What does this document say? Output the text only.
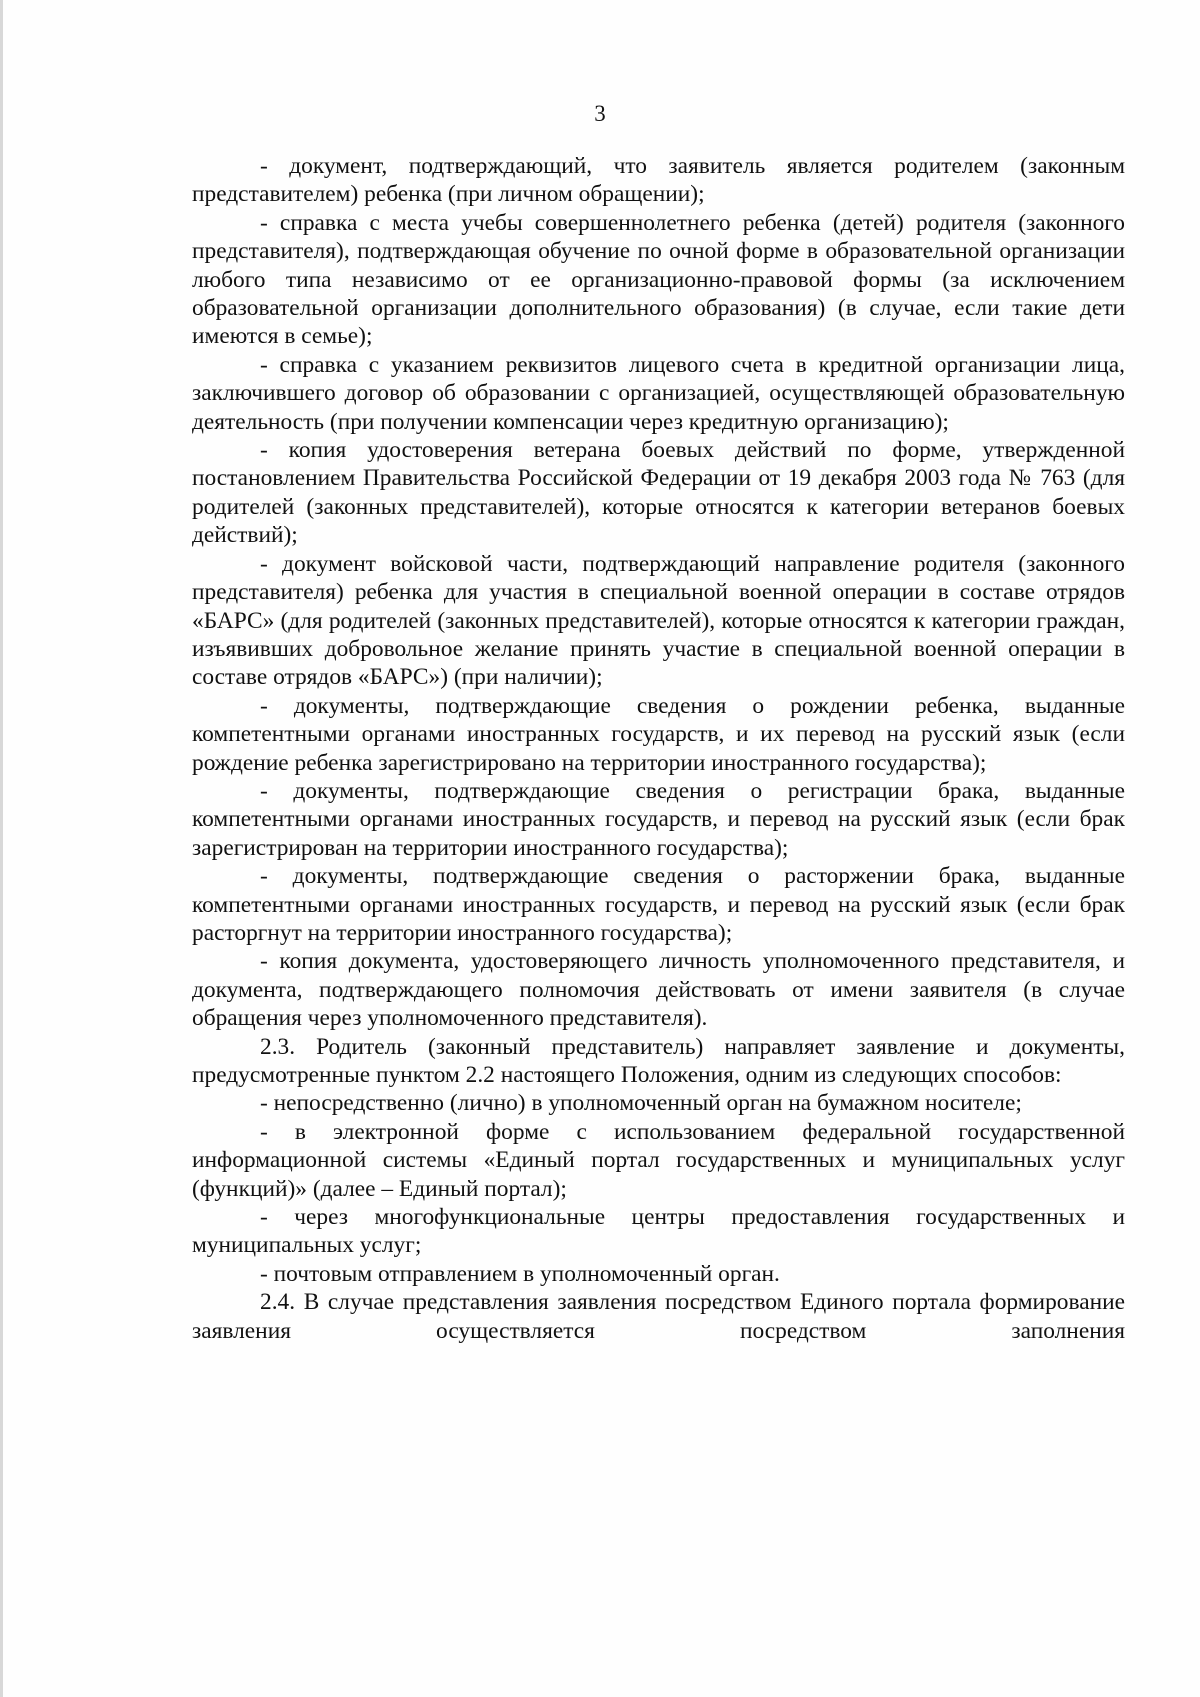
3

- документ, подтверждающий, что заявитель является родителем (законным представителем) ребенка (при личном обращении);

- справка с места учебы совершеннолетнего ребенка (детей) родителя (законного представителя), подтверждающая обучение по очной форме в образовательной организации любого типа независимо от ее организационно-правовой формы (за исключением образовательной организации дополнительного образования) (в случае, если такие дети имеются в семье);

- справка с указанием реквизитов лицевого счета в кредитной организации лица, заключившего договор об образовании с организацией, осуществляющей образовательную деятельность (при получении компенсации через кредитную организацию);

- копия удостоверения ветерана боевых действий по форме, утвержденной постановлением Правительства Российской Федерации от 19 декабря 2003 года № 763 (для родителей (законных представителей), которые относятся к категории ветеранов боевых действий);

- документ войсковой части, подтверждающий направление родителя (законного представителя) ребенка для участия в специальной военной операции в составе отрядов «БАРС» (для родителей (законных представителей), которые относятся к категории граждан, изъявивших добровольное желание принять участие в специальной военной операции в составе отрядов «БАРС») (при наличии);

- документы, подтверждающие сведения о рождении ребенка, выданные компетентными органами иностранных государств, и их перевод на русский язык (если рождение ребенка зарегистрировано на территории иностранного государства);

- документы, подтверждающие сведения о регистрации брака, выданные компетентными органами иностранных государств, и перевод на русский язык (если брак зарегистрирован на территории иностранного государства);

- документы, подтверждающие сведения о расторжении брака, выданные компетентными органами иностранных государств, и перевод на русский язык (если брак расторгнут на территории иностранного государства);

- копия документа, удостоверяющего личность уполномоченного представителя, и документа, подтверждающего полномочия действовать от имени заявителя (в случае обращения через уполномоченного представителя).

2.3. Родитель (законный представитель) направляет заявление и документы, предусмотренные пунктом 2.2 настоящего Положения, одним из следующих способов:

- непосредственно (лично) в уполномоченный орган на бумажном носителе;

- в электронной форме с использованием федеральной государственной информационной системы «Единый портал государственных и муниципальных услуг (функций)» (далее – Единый портал);

- через многофункциональные центры предоставления государственных и муниципальных услуг;

- почтовым отправлением в уполномоченный орган.

2.4. В случае представления заявления посредством Единого портала формирование заявления осуществляется посредством заполнения
